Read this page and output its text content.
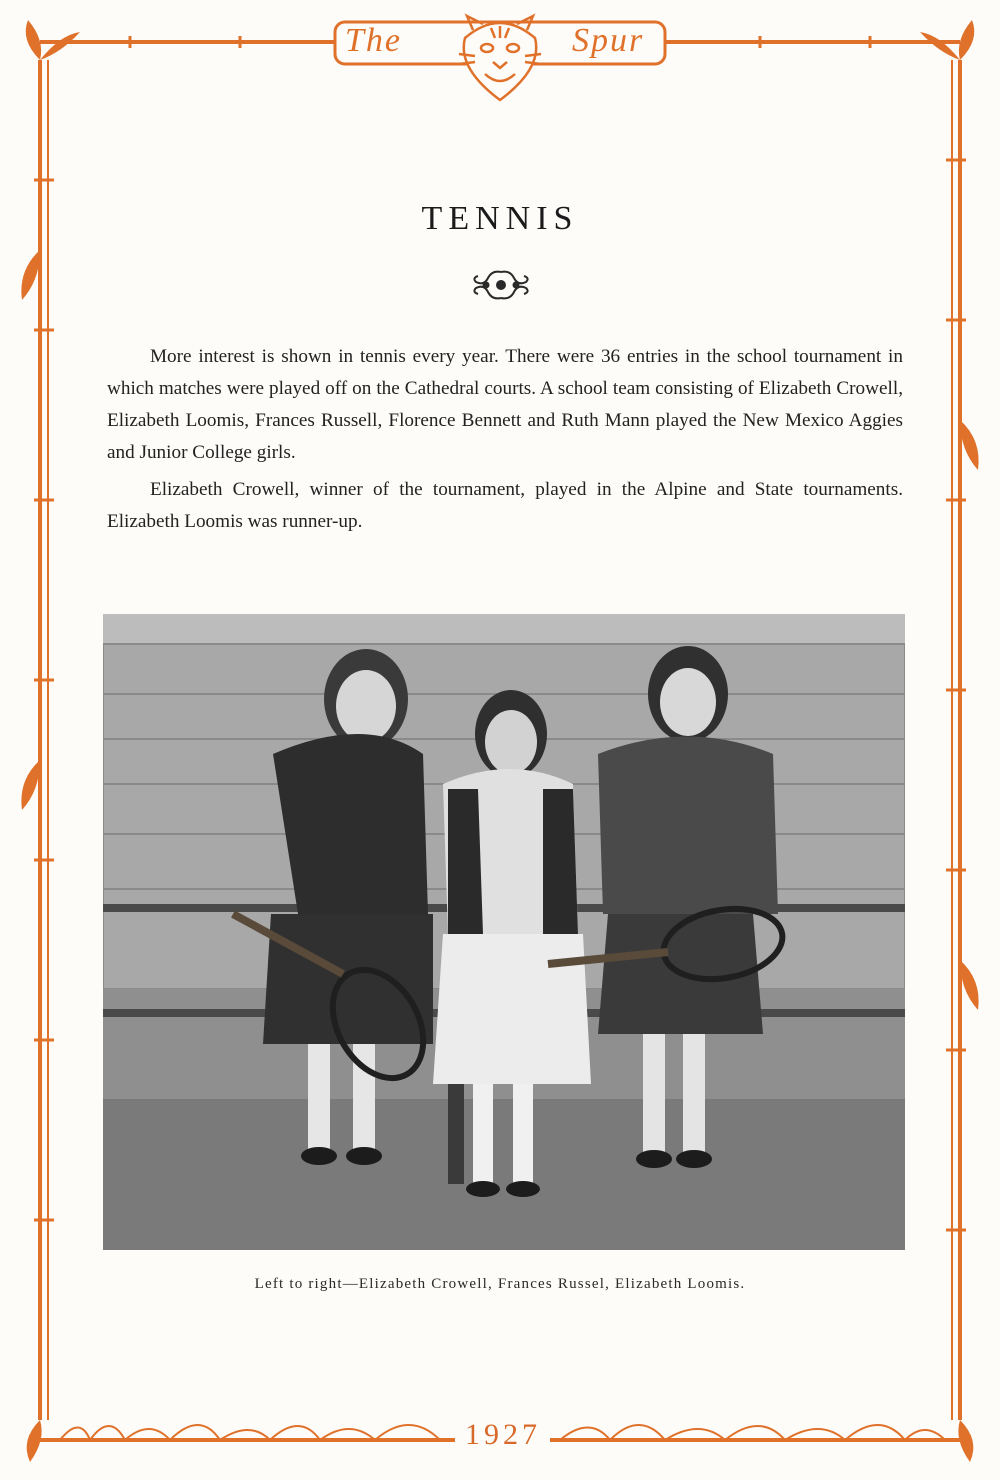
The	Spur
TENNIS

More interest is shown in tennis every year. There were 36 entries in the school tournament in which matches were played off on the Cathedral courts. A school team consisting of Elizabeth Crowell, Elizabeth Loomis, Frances Russell, Florence Bennett and Ruth Mann played the New Mexico Aggies and Junior College girls.

Elizabeth Crowell, winner of the tournament, played in the Alpine and State tournaments. Elizabeth Loomis was runner-up.

Left to right—Elizabeth Crowell, Frances Russel, Elizabeth Loomis.
1927
